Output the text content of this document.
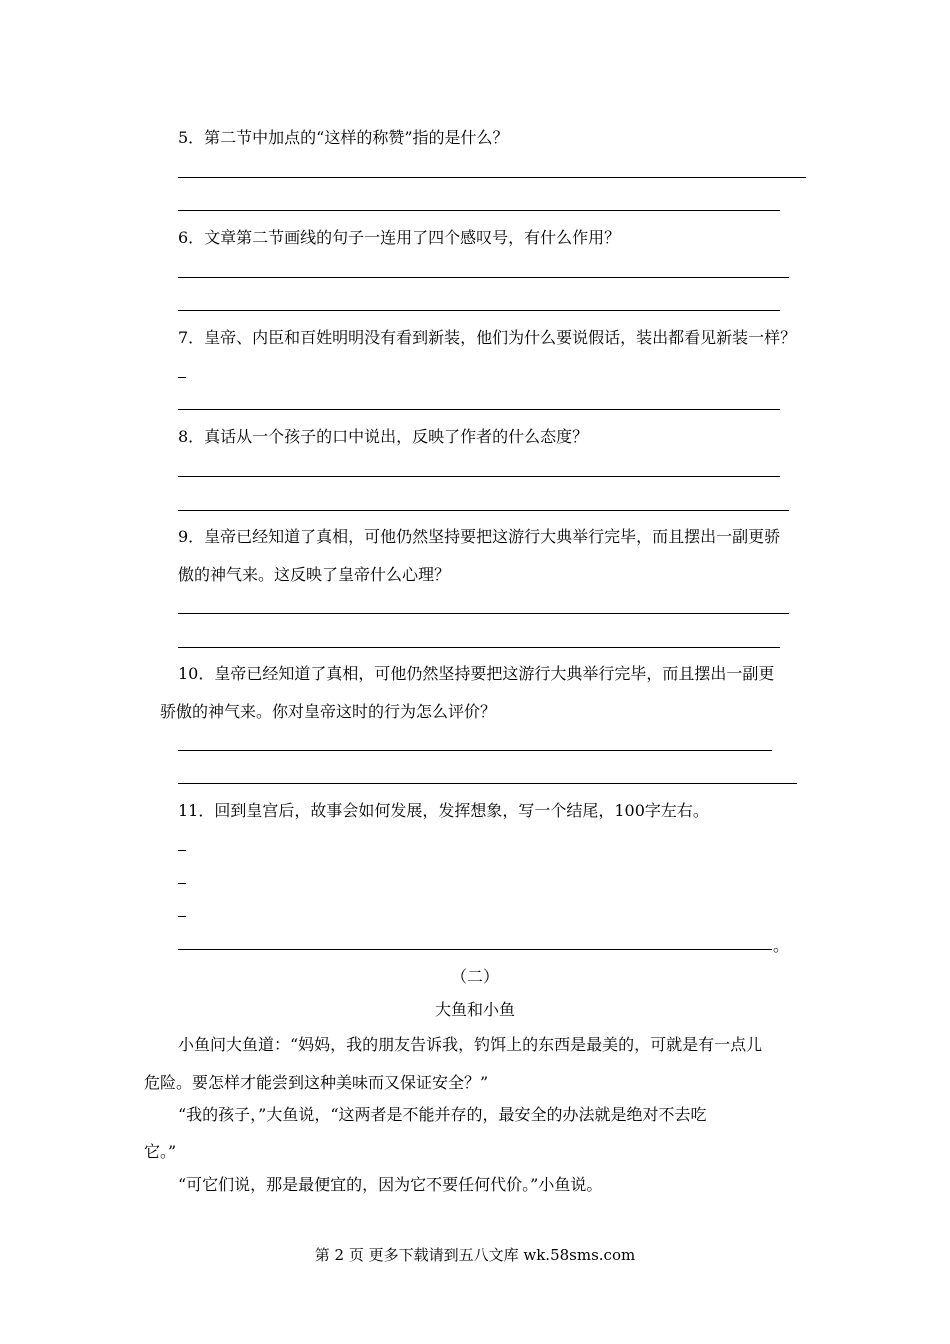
5．第二节中加点的“这样的称赞”指的是什么？
6．文章第二节画线的句子一连用了四个感叹号，有什么作用？
7．皇帝、内臣和百姓明明没有看到新装，他们为什么要说假话，装出都看见新装一样？
8．真话从一个孩子的口中说出，反映了作者的什么态度？
9．皇帝已经知道了真相，可他仍然坚持要把这游行大典举行完毕，而且摆出一副更骄
傲的神气来。这反映了皇帝什么心理？
10．皇帝已经知道了真相，可他仍然坚持要把这游行大典举行完毕，而且摆出一副更
骄傲的神气来。你对皇帝这时的行为怎么评价？
11．回到皇宫后，故事会如何发展，发挥想象，写一个结尾，100字左右。
。
（二）
大鱼和小鱼
小鱼问大鱼道：“妈妈，我的朋友告诉我，钓饵上的东西是最美的，可就是有一点儿
危险。要怎样才能尝到这种美味而又保证安全？”
“我的孩子，”大鱼说，“这两者是不能并存的，最安全的办法就是绝对不去吃
它。”
“可它们说，那是最便宜的，因为它不要任何代价。”小鱼说。
第 2 页 更多下载请到五八文库 wk.58sms.com
